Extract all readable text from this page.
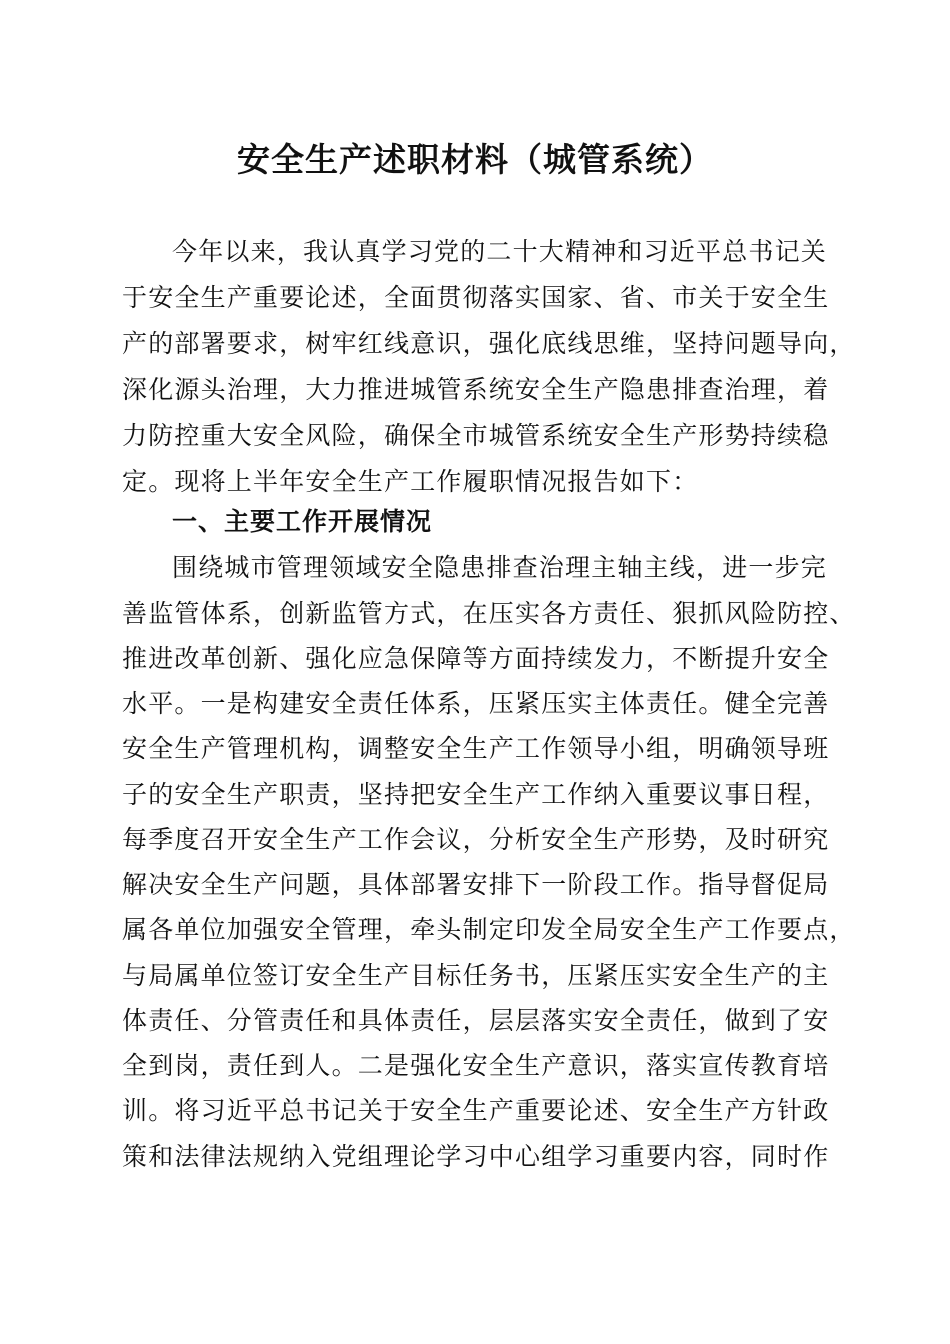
安全生产述职材料（城管系统）
今年以来，我认真学习党的二十大精神和习近平总书记关
于安全生产重要论述，全面贯彻落实国家、省、市关于安全生
产的部署要求，树牢红线意识，强化底线思维，坚持问题导向，
深化源头治理，大力推进城管系统安全生产隐患排查治理，着
力防控重大安全风险，确保全市城管系统安全生产形势持续稳
定。现将上半年安全生产工作履职情况报告如下：
一、主要工作开展情况
围绕城市管理领域安全隐患排查治理主轴主线，进一步完
善监管体系，创新监管方式，在压实各方责任、狠抓风险防控、
推进改革创新、强化应急保障等方面持续发力，不断提升安全
水平。一是构建安全责任体系，压紧压实主体责任。健全完善
安全生产管理机构，调整安全生产工作领导小组，明确领导班
子的安全生产职责，坚持把安全生产工作纳入重要议事日程，
每季度召开安全生产工作会议，分析安全生产形势，及时研究
解决安全生产问题，具体部署安排下一阶段工作。指导督促局
属各单位加强安全管理，牵头制定印发全局安全生产工作要点，
与局属单位签订安全生产目标任务书，压紧压实安全生产的主
体责任、分管责任和具体责任，层层落实安全责任，做到了安
全到岗，责任到人。二是强化安全生产意识，落实宣传教育培
训。将习近平总书记关于安全生产重要论述、安全生产方针政
策和法律法规纳入党组理论学习中心组学习重要内容，同时作
